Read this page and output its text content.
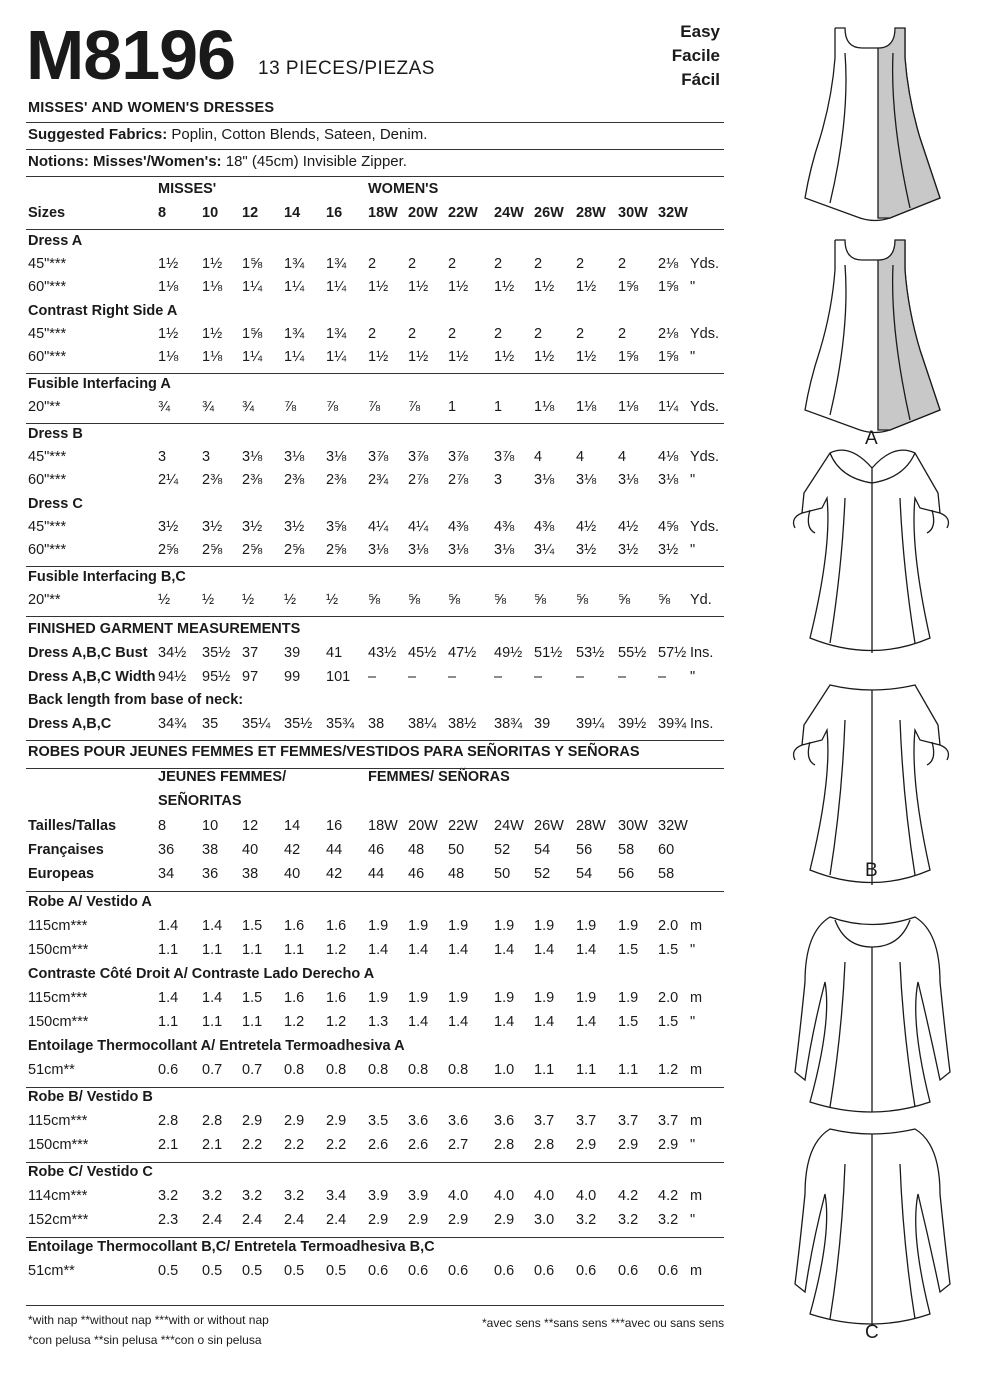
M8196 13 PIECES/PIEZAS
Easy
Facile
Fácil
MISSES' AND WOMEN'S DRESSES
Suggested Fabrics: Poplin, Cotton Blends, Sateen, Denim.
Notions: Misses'/Women's: 18" (45cm) Invisible Zipper.
MISSES'	WOMEN'S
Sizes	8 10 12 14 16 18W 20W 22W 24W 26W 28W 30W 32W
Dress A
45"***	1½ 1½ 1⅝ 1¾ 1¾ 2 2 2	2 2 2 2 2⅛ Yds.
60"***	1⅛ 1⅛ 1¼ 1¼ 1¼ 1½ 1½ 1½ 1½ 1½ 1½ 1⅝ 1⅝ "
Contrast Right Side A
45"***	1½ 1½ 1⅝ 1¾ 1¾ 2 2 2	2 2 2 2 2⅛ Yds.
60"***	1⅛ 1⅛ 1¼ 1¼ 1¼ 1½ 1½ 1½ 1½ 1½ 1½ 1⅝ 1⅝ "
Fusible Interfacing A
20"**	¾ ¾ ¾ ⅞ ⅞ ⅞ ⅞ 1	1 1⅛ 1⅛ 1⅛ 1¼ Yds.
Dress B
45"***	3 3 3⅛ 3⅛ 3⅛ 3⅞ 3⅞ 3⅞ 3⅞ 4 4 4 4⅛ Yds.
60"***	2¼ 2⅜ 2⅜ 2⅜ 2⅜ 2¾ 2⅞ 2⅞ 3 3⅛ 3⅛ 3⅛ 3⅛ "
Dress C
45"***	3½ 3½ 3½ 3½ 3⅝ 4¼ 4¼ 4⅜ 4⅜ 4⅜ 4½ 4½ 4⅝ Yds.
60"***	2⅝ 2⅝ 2⅝ 2⅝ 2⅝ 3⅛ 3⅛ 3⅛ 3⅛ 3¼ 3½ 3½ 3½ "
Fusible Interfacing B,C
20"**	½ ½ ½ ½ ½ ⅝ ⅝ ⅝ ⅝ ⅝ ⅝ ⅝ ⅝ Yd.
FINISHED GARMENT MEASUREMENTS
Dress A,B,C Bust 34½ 35½ 37 39 41 43½ 45½ 47½ 49½ 51½ 53½ 55½ 57½ Ins.
Dress A,B,C Width 94½ 95½ 97 99 101 – – –	– – – – – "
Back length from base of neck:
Dress A,B,C	34¾ 35 35¼ 35½ 35¾ 38 38¼ 38½ 38¾ 39 39¼ 39½ 39¾ Ins.
ROBES POUR JEUNES FEMMES ET FEMMES/VESTIDOS PARA SEÑORITAS Y SEÑORAS
JEUNES FEMMES/	FEMMES/ SEÑORAS
SEÑORITAS
Tailles/Tallas	8 10 12 14 16 18W 20W 22W 24W 26W 28W 30W 32W
Françaises	36 38 40 42 44 46 48 50 52 54 56 58 60
Europeas	34 36 38 40 42 44 46 48 50 52 54 56 58
Robe A/ Vestido A
115cm***	1.4 1.4 1.5 1.6 1.6 1.9 1.9 1.9 1.9 1.9 1.9 1.9 2.0 m
150cm***	1.1 1.1 1.1 1.1 1.2 1.4 1.4 1.4 1.4 1.4 1.4 1.5 1.5 "
Contraste Côté Droit A/ Contraste Lado Derecho A
115cm***	1.4 1.4 1.5 1.6 1.6 1.9 1.9 1.9 1.9 1.9 1.9 1.9 2.0 m
150cm***	1.1 1.1 1.1 1.2 1.2 1.3 1.4 1.4 1.4 1.4 1.4 1.5 1.5 "
Entoilage Thermocollant A/ Entretela Termoadhesiva A
51cm**	0.6 0.7 0.7 0.8 0.8 0.8 0.8 0.8 1.0 1.1 1.1 1.1 1.2 m
Robe B/ Vestido B
115cm***	2.8 2.8 2.9 2.9 2.9 3.5 3.6 3.6 3.6 3.7 3.7 3.7 3.7 m
150cm***	2.1 2.1 2.2 2.2 2.2 2.6 2.6 2.7 2.8 2.8 2.9 2.9 2.9 "
Robe C/ Vestido C
114cm***	3.2 3.2 3.2 3.2 3.4 3.9 3.9 4.0 4.0 4.0 4.0 4.2 4.2 m
152cm***	2.3 2.4 2.4 2.4 2.4 2.9 2.9 2.9 2.9 3.0 3.2 3.2 3.2 "
Entoilage Thermocollant B,C/ Entretela Termoadhesiva B,C
51cm**	0.5 0.5 0.5 0.5 0.5 0.6 0.6 0.6 0.6 0.6 0.6 0.6 0.6 m
*with nap **without nap ***with or without nap
*con pelusa **sin pelusa ***con o sin pelusa
*avec sens **sans sens ***avec ou sans sens
A
B
C
